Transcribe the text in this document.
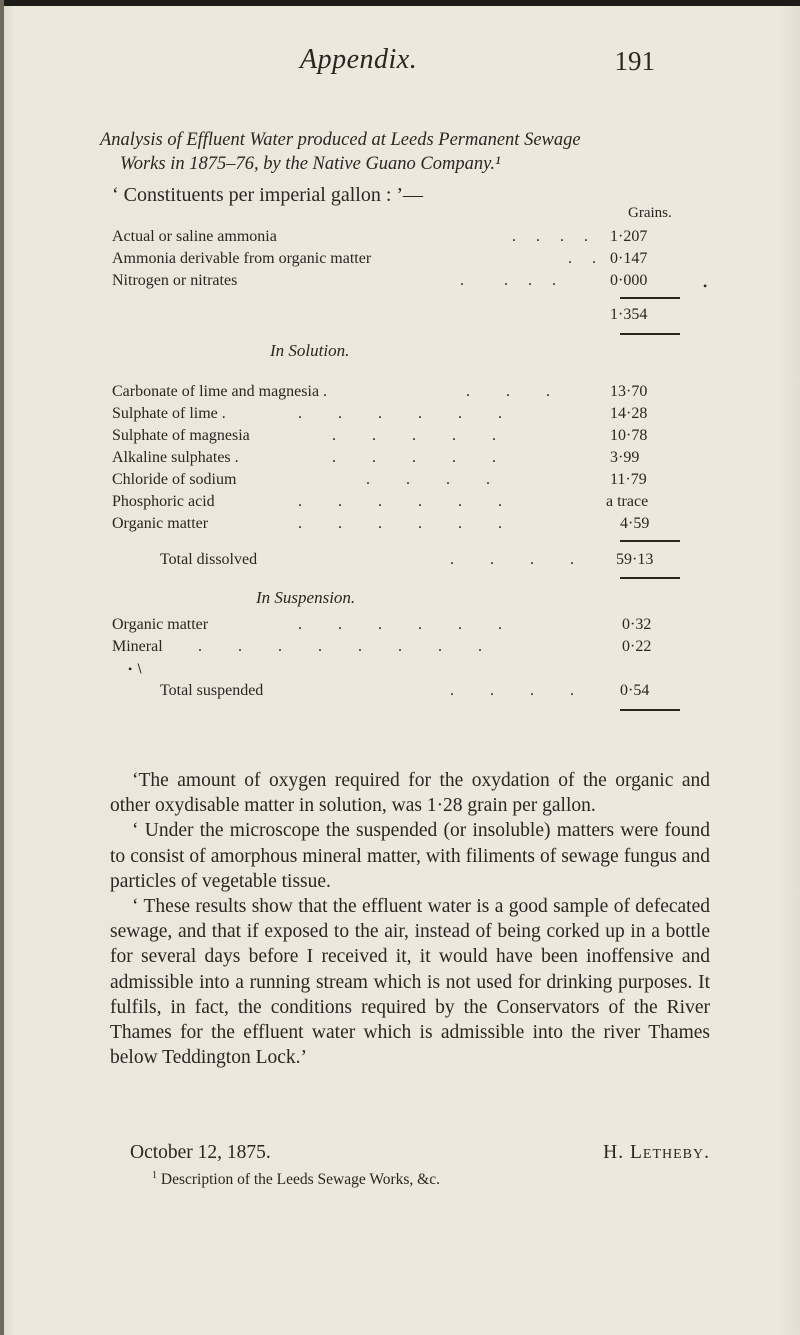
Appendix.	191
Analysis of Effluent Water produced at Leeds Permanent Sewage
Works in 1875–76, by the Native Guano Company.¹
‘ Constituents per imperial gallon : ’—
Grains.
Actual or saline ammonia	.     .     .     . 1·207
Ammonia derivable from organic matter	.     . 0·147
Nitrogen or nitrates	.          .     .     .	0·000	•
1·354
In Solution.
Carbonate of lime and magnesia .	.         .         .	13·70
Sulphate of lime .	.         .         .         .         .         .	14·28
Sulphate of magnesia	.         .         .         .         .	10·78
Alkaline sulphates .	.         .         .         .         .	3·99
Chloride of sodium	.         .         .         .	11·79
Phosphoric acid	.         .         .         .         .         .	a trace
Organic matter	.         .         .         .         .         .	4·59
Total dissolved	.         .         .         .	59·13
In Suspension.
Organic matter	.         .         .         .         .         .	0·32
Mineral .         .         .         .         .         .         .         .	0·22
• ∖
Total suspended	.         .         .         .	0·54

‘The amount of oxygen required for the oxydation of the organic and other oxydisable matter in solution, was 1·28 grain per gallon.

‘ Under the microscope the suspended (or insoluble) matters were found to consist of amorphous mineral matter, with filiments of sewage fungus and particles of vegetable tissue.

‘ These results show that the effluent water is a good sample of defecated sewage, and that if exposed to the air, instead of being corked up in a bottle for several days before I received it, it would have been inoffensive and admissible into a running stream which is not used for drinking purposes. It fulfils, in fact, the conditions required by the Conservators of the River Thames for the effluent water which is admissible into the river Thames below Teddington Lock.’

October 12, 1875.	H. Letheby.
$^1$ Description of the Leeds Sewage Works, &c.
